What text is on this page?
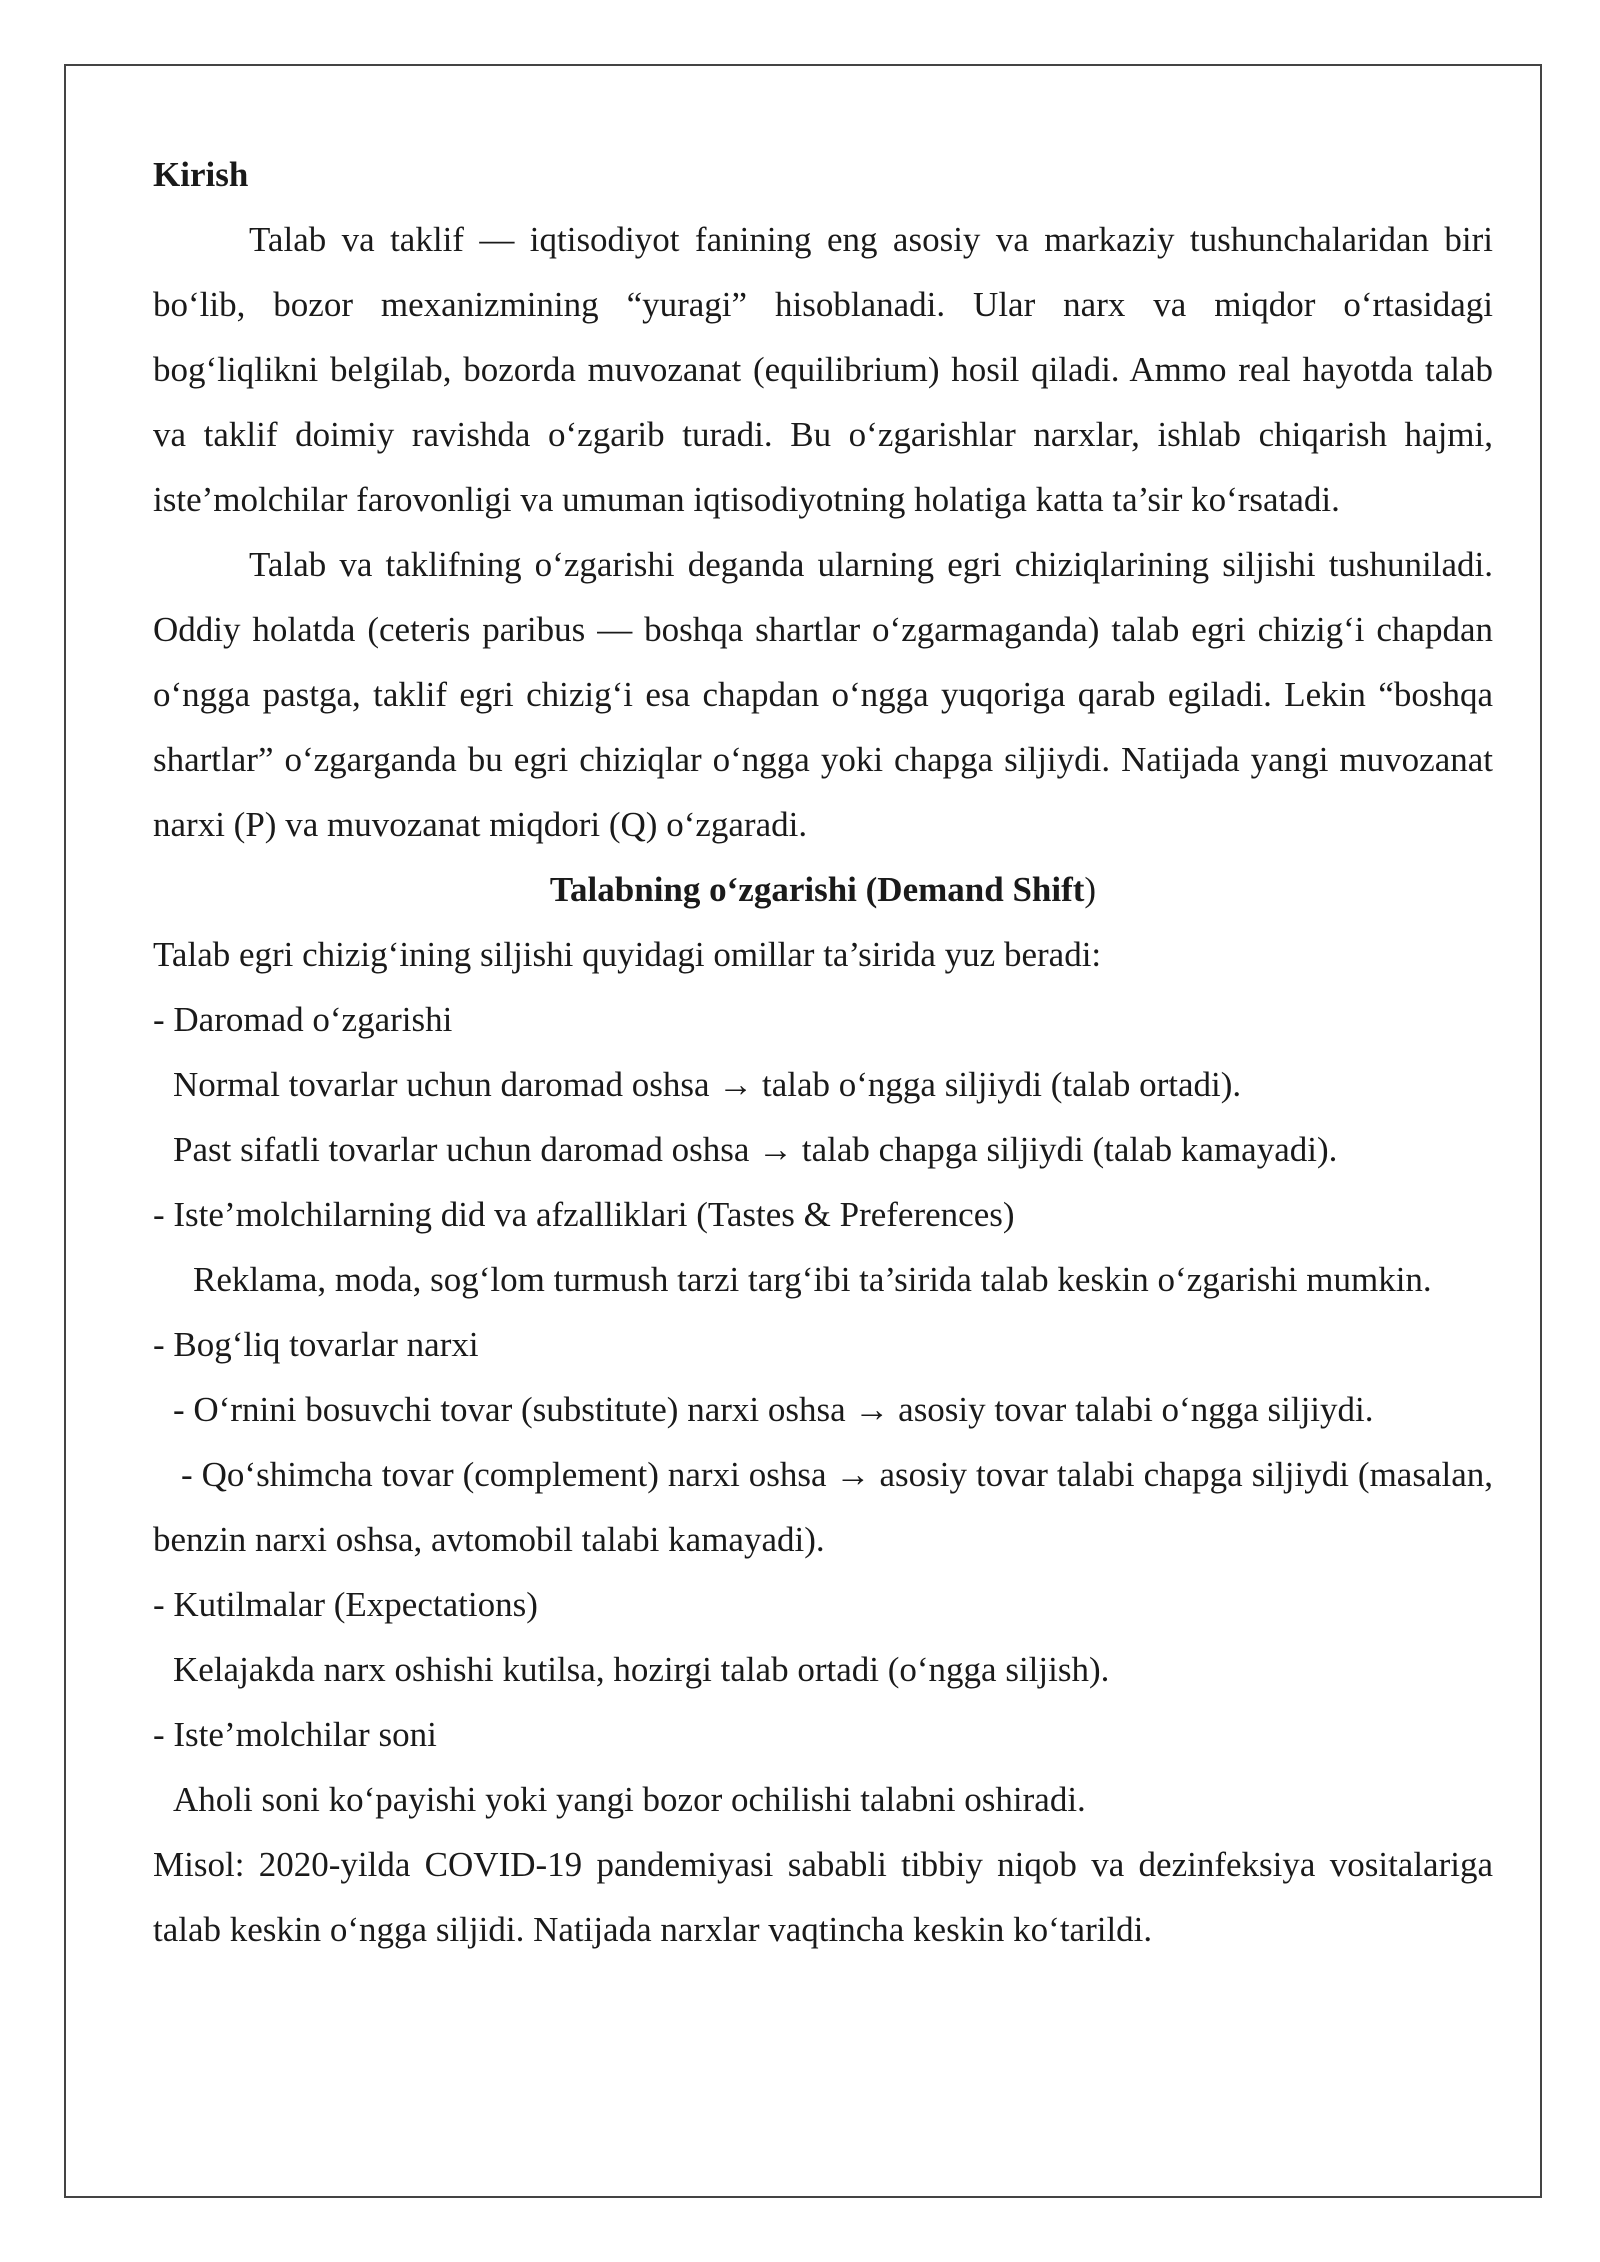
Kirish

Talab va taklif — iqtisodiyot fanining eng asosiy va markaziy tushunchalaridan biri boʻlib, bozor mexanizmining “yuragi” hisoblanadi. Ular narx va miqdor oʻrtasidagi bogʻliqlikni belgilab, bozorda muvozanat (equilibrium) hosil qiladi. Ammo real hayotda talab va taklif doimiy ravishda oʻzgarib turadi. Bu oʻzgarishlar narxlar, ishlab chiqarish hajmi, iste’molchilar farovonligi va umuman iqtisodiyotning holatiga katta ta’sir koʻrsatadi.

Talab va taklifning oʻzgarishi deganda ularning egri chiziqlarining siljishi tushuniladi. Oddiy holatda (ceteris paribus — boshqa shartlar oʻzgarmaganda) talab egri chizigʻi chapdan oʻngga pastga, taklif egri chizigʻi esa chapdan oʻngga yuqoriga qarab egiladi. Lekin “boshqa shartlar” oʻzgarganda bu egri chiziqlar oʻngga yoki chapga siljiydi. Natijada yangi muvozanat narxi (P) va muvozanat miqdori (Q) oʻzgaradi.

Talabning oʻzgarishi (Demand Shift)

Talab egri chizigʻining siljishi quyidagi omillar ta’sirida yuz beradi:

- Daromad oʻzgarishi

Normal tovarlar uchun daromad oshsa → talab oʻngga siljiydi (talab ortadi).

Past sifatli tovarlar uchun daromad oshsa → talab chapga siljiydi (talab kamayadi).

- Iste’molchilarning did va afzalliklari (Tastes & Preferences)

Reklama, moda, sogʻlom turmush tarzi targʻibi ta’sirida talab keskin oʻzgarishi mumkin.

- Bogʻliq tovarlar narxi

- Oʻrnini bosuvchi tovar (substitute) narxi oshsa → asosiy tovar talabi oʻngga siljiydi.

- Qoʻshimcha tovar (complement) narxi oshsa → asosiy tovar talabi chapga siljiydi (masalan, benzin narxi oshsa, avtomobil talabi kamayadi).

- Kutilmalar (Expectations)

Kelajakda narx oshishi kutilsa, hozirgi talab ortadi (oʻngga siljish).

- Iste’molchilar soni

Aholi soni koʻpayishi yoki yangi bozor ochilishi talabni oshiradi.

Misol: 2020-yilda COVID-19 pandemiyasi sababli tibbiy niqob va dezinfeksiya vositalariga talab keskin oʻngga siljidi. Natijada narxlar vaqtincha keskin koʻtarildi.
